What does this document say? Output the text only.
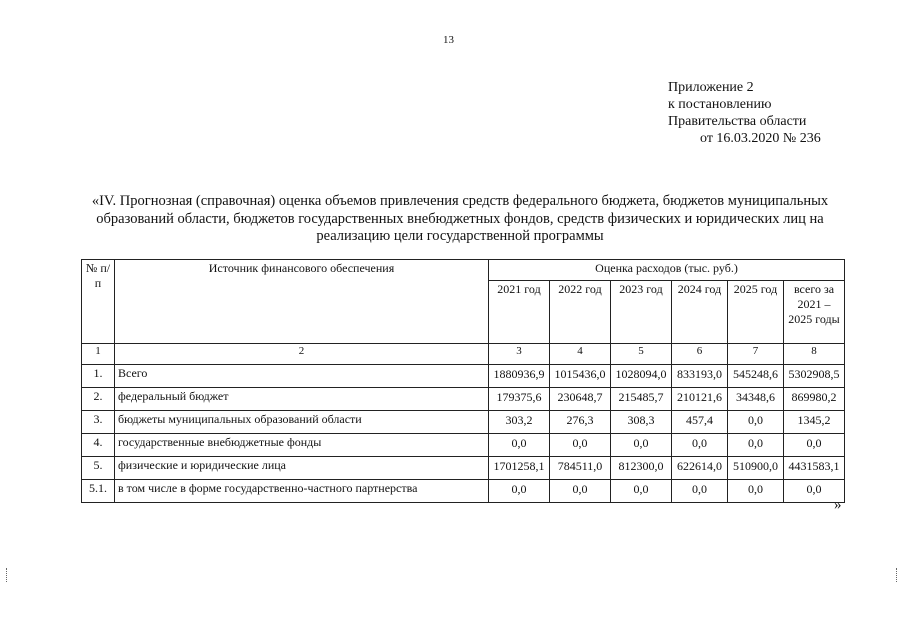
13
Приложение 2
к постановлению
Правительства области
от 16.03.2020 № 236
«IV. Прогнозная (справочная) оценка объемов привлечения средств федерального бюджета, бюджетов муниципальных образований области, бюджетов государственных внебюджетных фондов, средств физических и юридических лиц на реализацию цели государственной программы
№ п/п	Источник финансового обеспечения	Оценка расходов (тыс. руб.)					
		2021 год	2022 год	2023 год	2024 год	2025 год	всего за 2021 – 2025 годы
1	2	3	4	5	6	7	8
1.	Всего	1880936,9	1015436,0	1028094,0	833193,0	545248,6	5302908,5
2.	федеральный бюджет	179375,6	230648,7	215485,7	210121,6	34348,6	869980,2
3.	бюджеты муниципальных образований области	303,2	276,3	308,3	457,4	0,0	1345,2
4.	государственные внебюджетные фонды	0,0	0,0	0,0	0,0	0,0	0,0
5.	физические и юридические лица	1701258,1	784511,0	812300,0	622614,0	510900,0	4431583,1
5.1.	в том числе в форме государственно-частного партнерства	0,0	0,0	0,0	0,0	0,0	0,0
»
